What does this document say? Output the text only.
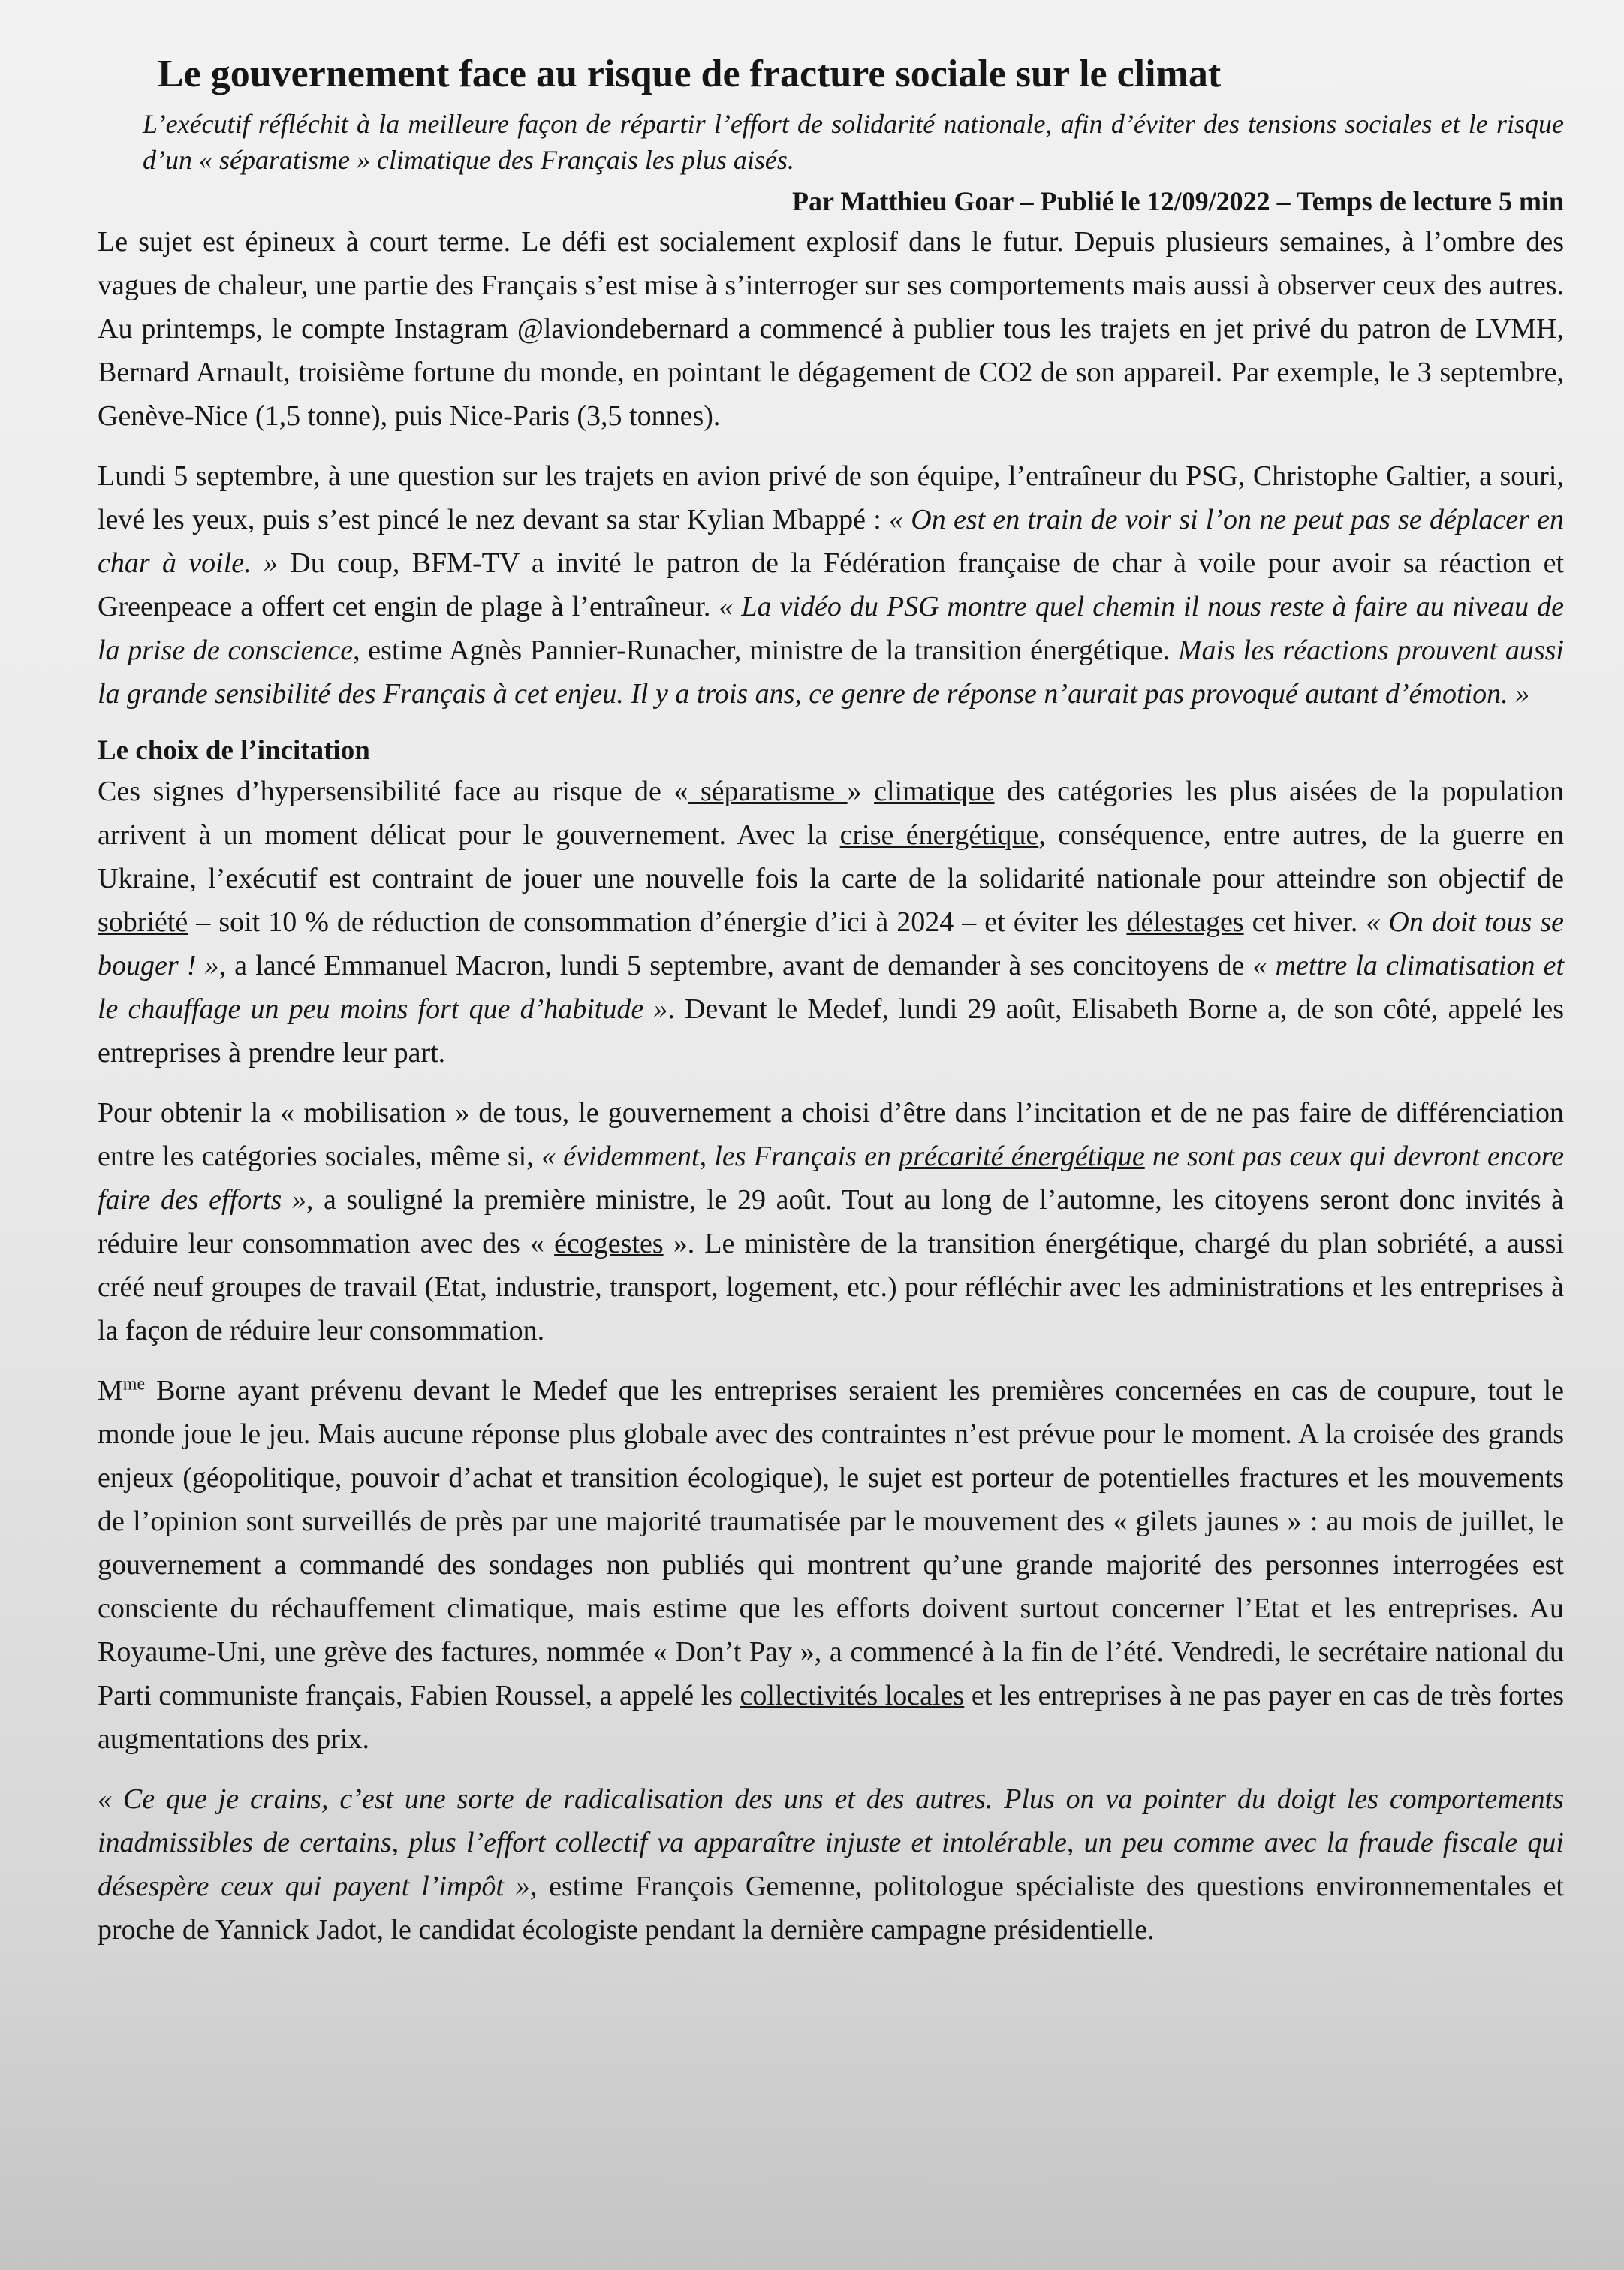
Le gouvernement face au risque de fracture sociale sur le climat
L’exécutif réfléchit à la meilleure façon de répartir l’effort de solidarité nationale, afin d’éviter des tensions sociales et le risque d’un « séparatisme » climatique des Français les plus aisés.
Par Matthieu Goar – Publié le 12/09/2022 – Temps de lecture 5 min

Le sujet est épineux à court terme. Le défi est socialement explosif dans le futur. Depuis plusieurs semaines, à l’ombre des vagues de chaleur, une partie des Français s’est mise à s’interroger sur ses comportements mais aussi à observer ceux des autres. Au printemps, le compte Instagram @laviondebernard a commencé à publier tous les trajets en jet privé du patron de LVMH, Bernard Arnault, troisième fortune du monde, en pointant le dégagement de CO2 de son appareil. Par exemple, le 3 septembre, Genève-Nice (1,5 tonne), puis Nice-Paris (3,5 tonnes).

Lundi 5 septembre, à une question sur les trajets en avion privé de son équipe, l’entraîneur du PSG, Christophe Galtier, a souri, levé les yeux, puis s’est pincé le nez devant sa star Kylian Mbappé : « On est en train de voir si l’on ne peut pas se déplacer en char à voile. » Du coup, BFM-TV a invité le patron de la Fédération française de char à voile pour avoir sa réaction et Greenpeace a offert cet engin de plage à l’entraîneur. « La vidéo du PSG montre quel chemin il nous reste à faire au niveau de la prise de conscience, estime Agnès Pannier-Runacher, ministre de la transition énergétique. Mais les réactions prouvent aussi la grande sensibilité des Français à cet enjeu. Il y a trois ans, ce genre de réponse n’aurait pas provoqué autant d’émotion. »

Le choix de l’incitation

Ces signes d’hypersensibilité face au risque de « séparatisme » climatique des catégories les plus aisées de la population arrivent à un moment délicat pour le gouvernement. Avec la crise énergétique, conséquence, entre autres, de la guerre en Ukraine, l’exécutif est contraint de jouer une nouvelle fois la carte de la solidarité nationale pour atteindre son objectif de sobriété – soit 10 % de réduction de consommation d’énergie d’ici à 2024 – et éviter les délestages cet hiver. « On doit tous se bouger ! », a lancé Emmanuel Macron, lundi 5 septembre, avant de demander à ses concitoyens de « mettre la climatisation et le chauffage un peu moins fort que d’habitude ». Devant le Medef, lundi 29 août, Elisabeth Borne a, de son côté, appelé les entreprises à prendre leur part.

Pour obtenir la « mobilisation » de tous, le gouvernement a choisi d’être dans l’incitation et de ne pas faire de différenciation entre les catégories sociales, même si, « évidemment, les Français en précarité énergétique ne sont pas ceux qui devront encore faire des efforts », a souligné la première ministre, le 29 août. Tout au long de l’automne, les citoyens seront donc invités à réduire leur consommation avec des « écogestes ». Le ministère de la transition énergétique, chargé du plan sobriété, a aussi créé neuf groupes de travail (Etat, industrie, transport, logement, etc.) pour réfléchir avec les administrations et les entreprises à la façon de réduire leur consommation.

$M^{me}$ Borne ayant prévenu devant le Medef que les entreprises seraient les premières concernées en cas de coupure, tout le monde joue le jeu. Mais aucune réponse plus globale avec des contraintes n’est prévue pour le moment. A la croisée des grands enjeux (géopolitique, pouvoir d’achat et transition écologique), le sujet est porteur de potentielles fractures et les mouvements de l’opinion sont surveillés de près par une majorité traumatisée par le mouvement des « gilets jaunes » : au mois de juillet, le gouvernement a commandé des sondages non publiés qui montrent qu’une grande majorité des personnes interrogées est consciente du réchauffement climatique, mais estime que les efforts doivent surtout concerner l’Etat et les entreprises. Au Royaume-Uni, une grève des factures, nommée « Don’t Pay », a commencé à la fin de l’été. Vendredi, le secrétaire national du Parti communiste français, Fabien Roussel, a appelé les collectivités locales et les entreprises à ne pas payer en cas de très fortes augmentations des prix.

« Ce que je crains, c’est une sorte de radicalisation des uns et des autres. Plus on va pointer du doigt les comportements inadmissibles de certains, plus l’effort collectif va apparaître injuste et intolérable, un peu comme avec la fraude fiscale qui désespère ceux qui payent l’impôt », estime François Gemenne, politologue spécialiste des questions environnementales et proche de Yannick Jadot, le candidat écologiste pendant la dernière campagne présidentielle.
